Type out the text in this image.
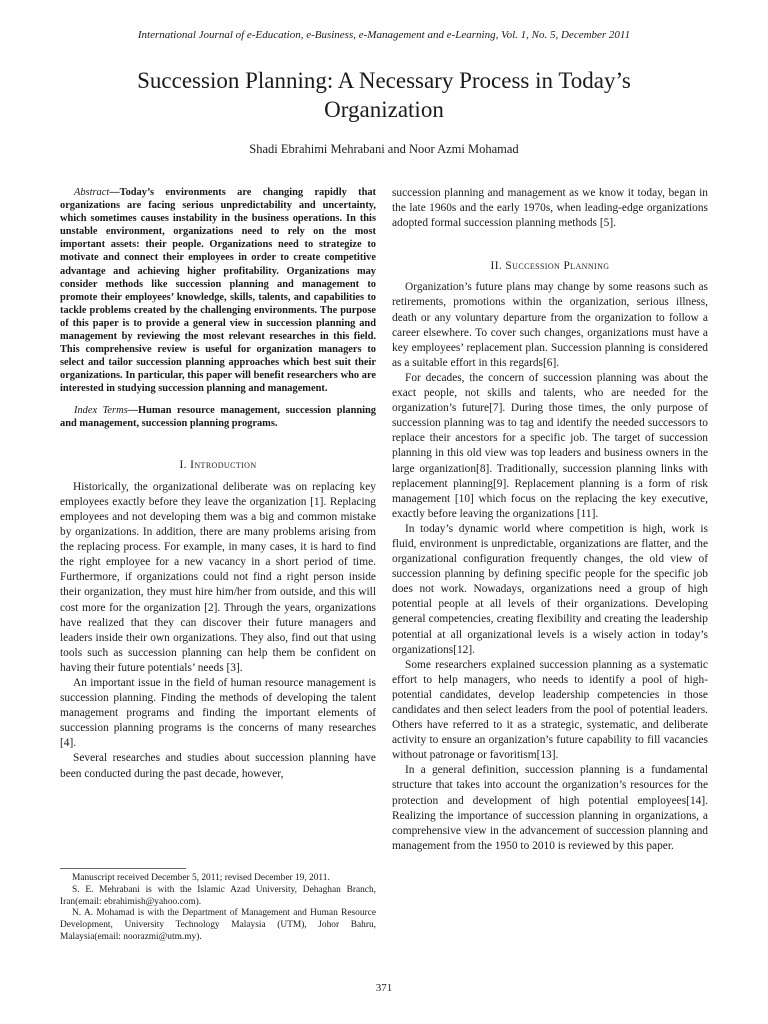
International Journal of e-Education, e-Business, e-Management and e-Learning, Vol. 1, No. 5, December 2011
Succession Planning: A Necessary Process in Today’s
Organization
Shadi Ebrahimi Mehrabani and Noor Azmi Mohamad

Abstract—Today’s environments are changing rapidly that organizations are facing serious unpredictability and uncertainty, which sometimes causes instability in the business operations. In this unstable environment, organizations need to rely on the most important assets: their people. Organizations need to strategize to motivate and connect their employees in order to create competitive advantage and achieving higher profitability. Organizations may consider methods like succession planning and management to promote their employees’ knowledge, skills, talents, and capabilities to tackle problems created by the challenging environments. The purpose of this paper is to provide a general view in succession planning and management by reviewing the most relevant researches in this field. This comprehensive review is useful for organization managers to select and tailor succession planning approaches which best suit their organizations. In particular, this paper will benefit researchers who are interested in studying succession planning and management.

Index Terms—Human resource management, succession planning and management, succession planning programs.

I. Introduction

Historically, the organizational deliberate was on replacing key employees exactly before they leave the organization [1]. Replacing employees and not developing them was a big and common mistake by organizations. In addition, there are many problems arising from the replacing process. For example, in many cases, it is hard to find the right employee for a new vacancy in a short period of time. Furthermore, if organizations could not find a right person inside their organization, they must hire him/her from outside, and this will cost more for the organization [2]. Through the years, organizations have realized that they can discover their future managers and leaders inside their own organizations. They also, find out that using tools such as succession planning can help them be confident on having their future potentials’ needs [3].

An important issue in the field of human resource management is succession planning. Finding the methods of developing the talent management programs and finding the important elements of succession planning programs is the concerns of many researches [4].

Several researches and studies about succession planning have been conducted during the past decade, however,

Manuscript received December 5, 2011; revised December 19, 2011.

S. E. Mehrabani is with the Islamic Azad University, Dehaghan Branch, Iran(email: ebrahimish@yahoo.com).

N. A. Mohamad is with the Department of Management and Human Resource Development, University Technology Malaysia (UTM), Johor Bahru, Malaysia(email: noorazmi@utm.my).

succession planning and management as we know it today, began in the late 1960s and the early 1970s, when leading-edge organizations adopted formal succession planning methods [5].

II. Succession Planning

Organization’s future plans may change by some reasons such as retirements, promotions within the organization, serious illness, death or any voluntary departure from the organization to follow a career elsewhere. To cover such changes, organizations must have a key employees’ replacement plan. Succession planning is considered as a suitable effort in this regards[6].

For decades, the concern of succession planning was about the exact people, not skills and talents, who are needed for the organization’s future[7]. During those times, the only purpose of succession planning was to tag and identify the needed successors to replace their ancestors for a specific job. The target of succession planning in this old view was top leaders and business owners in the large organization[8]. Traditionally, succession planning links with replacement planning[9]. Replacement planning is a form of risk management [10] which focus on the replacing the key executive, exactly before leaving the organizations [11].

In today’s dynamic world where competition is high, work is fluid, environment is unpredictable, organizations are flatter, and the organizational configuration frequently changes, the old view of succession planning by defining specific people for the specific job does not work. Nowadays, organizations need a group of high potential people at all levels of their organizations. Developing general competencies, creating flexibility and creating the leadership potential at all organizational levels is a wisely action in today’s organizations[12].

Some researchers explained succession planning as a systematic effort to help managers, who needs to identify a pool of high-potential candidates, develop leadership competencies in those candidates and then select leaders from the pool of potential leaders. Others have referred to it as a strategic, systematic, and deliberate activity to ensure an organization’s future capability to fill vacancies without patronage or favoritism[13].

In a general definition, succession planning is a fundamental structure that takes into account the organization’s resources for the protection and development of high potential employees[14]. Realizing the importance of succession planning in organizations, a comprehensive view in the advancement of succession planning and management from the 1950 to 2010 is reviewed by this paper.

371
